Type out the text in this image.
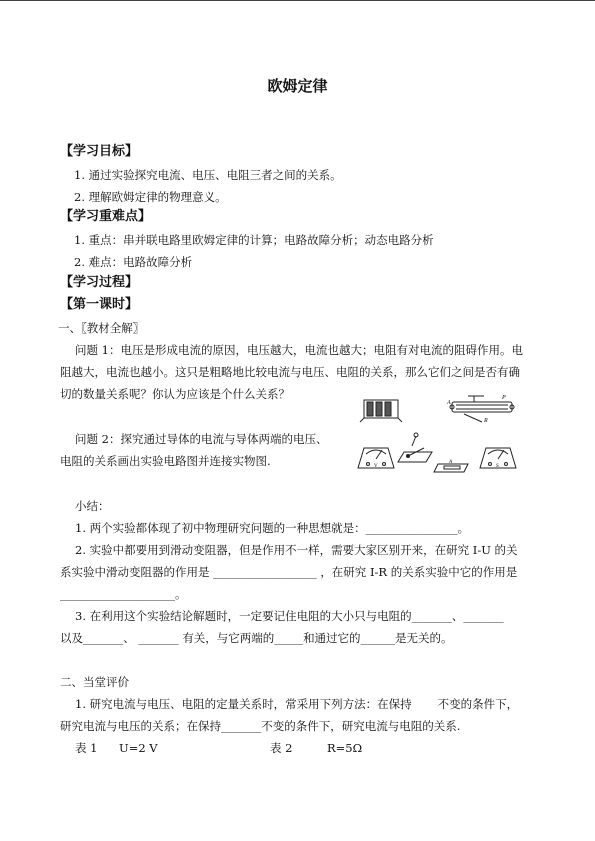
欧姆定律
【学习目标】
1. 通过实验探究电流、电压、电阻三者之间的关系。
2. 理解欧姆定律的物理意义。
【学习重难点】
1. 重点：串并联电路里欧姆定律的计算；电路故障分析；动态电路分析
2. 难点：电路故障分析
【学习过程】
【第一课时】
一、〖教材全解〗
问题 1：电压是形成电流的原因，电压越大，电流也越大；电阻有对电流的阻碍作用。电
阻越大，电流也越小。这只是粗略地比较电流与电压、电阻的关系，那么它们之间是否有确
切的数量关系呢？你认为应该是个什么关系？
问题 2：探究通过导体的电流与导体两端的电压、
电阻的关系画出实验电路图并连接实物图.
A
P
R
V
A
S
小结：
1. 两个实验都体现了初中物理研究问题的一种思想就是：________________。
2. 实验中都要用到滑动变阻器，但是作用不一样，需要大家区别开来，在研究 I-U 的关
系实验中滑动变阻器的作用是 __________________ ，在研究 I-R 的关系实验中它的作用是
____________________。
3. 在利用这个实验结论解题时，一定要记住电阻的大小只与电阻的_______、_______
以及_______、 _______ 有关，与它两端的_____和通过它的______是无关的。
二、当堂评价
1. 研究电流与电压、电阻的定量关系时，常采用下列方法：在保持 不变的条件下，
研究电流与电压的关系；在保持_______不变的条件下，研究电流与电阻的关系.
表 1 U=2 V	表 2	R=5Ω
